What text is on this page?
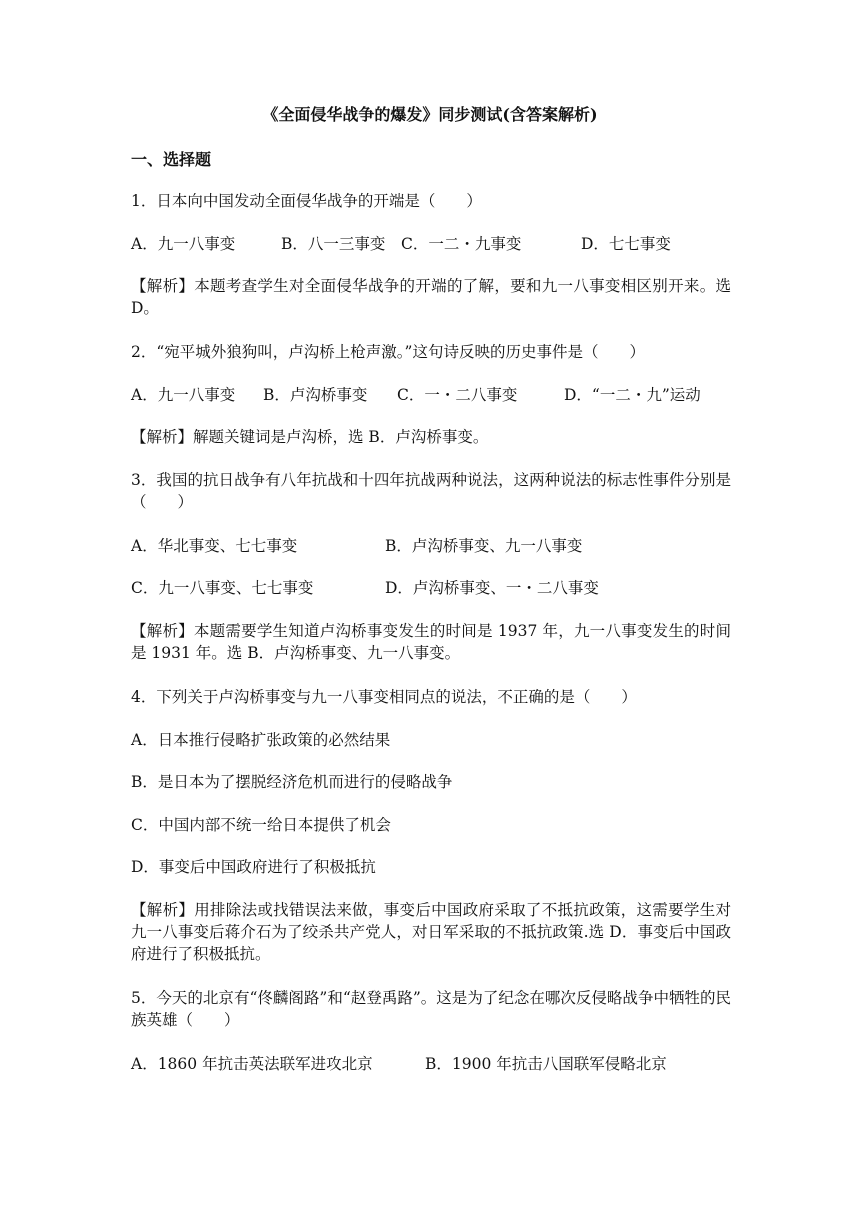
《全面侵华战争的爆发》同步测试(含答案解析)
一、选择题
1．日本向中国发动全面侵华战争的开端是（　　）
A．九一八事变	B．八一三事变 C．一二・九事变	D．七七事变
【解析】本题考查学生对全面侵华战争的开端的了解，要和九一八事变相区别开来。选 D。
2．“宛平城外狼狗叫，卢沟桥上枪声激。”这句诗反映的历史事件是（　　）
A．九一八事变 B．卢沟桥事变 C．一・二八事变	D．“一二・九”运动
【解析】解题关键词是卢沟桥，选 B．卢沟桥事变。
3．我国的抗日战争有八年抗战和十四年抗战两种说法，这两种说法的标志性事件分别是（　　）
A．华北事变、七七事变	B．卢沟桥事变、九一八事变
C．九一八事变、七七事变	D．卢沟桥事变、一・二八事变
【解析】本题需要学生知道卢沟桥事变发生的时间是 1937 年，九一八事变发生的时间是 1931 年。选 B．卢沟桥事变、九一八事变。
4．下列关于卢沟桥事变与九一八事变相同点的说法，不正确的是（　　）
A．日本推行侵略扩张政策的必然结果
B．是日本为了摆脱经济危机而进行的侵略战争
C．中国内部不统一给日本提供了机会
D．事变后中国政府进行了积极抵抗
【解析】用排除法或找错误法来做，事变后中国政府采取了不抵抗政策，这需要学生对九一八事变后蒋介石为了绞杀共产党人，对日军采取的不抵抗政策.选 D．事变后中国政府进行了积极抵抗。
5．今天的北京有“佟麟阁路”和“赵登禹路”。这是为了纪念在哪次反侵略战争中牺牲的民族英雄（　　）
A．1860 年抗击英法联军进攻北京	B．1900 年抗击八国联军侵略北京
